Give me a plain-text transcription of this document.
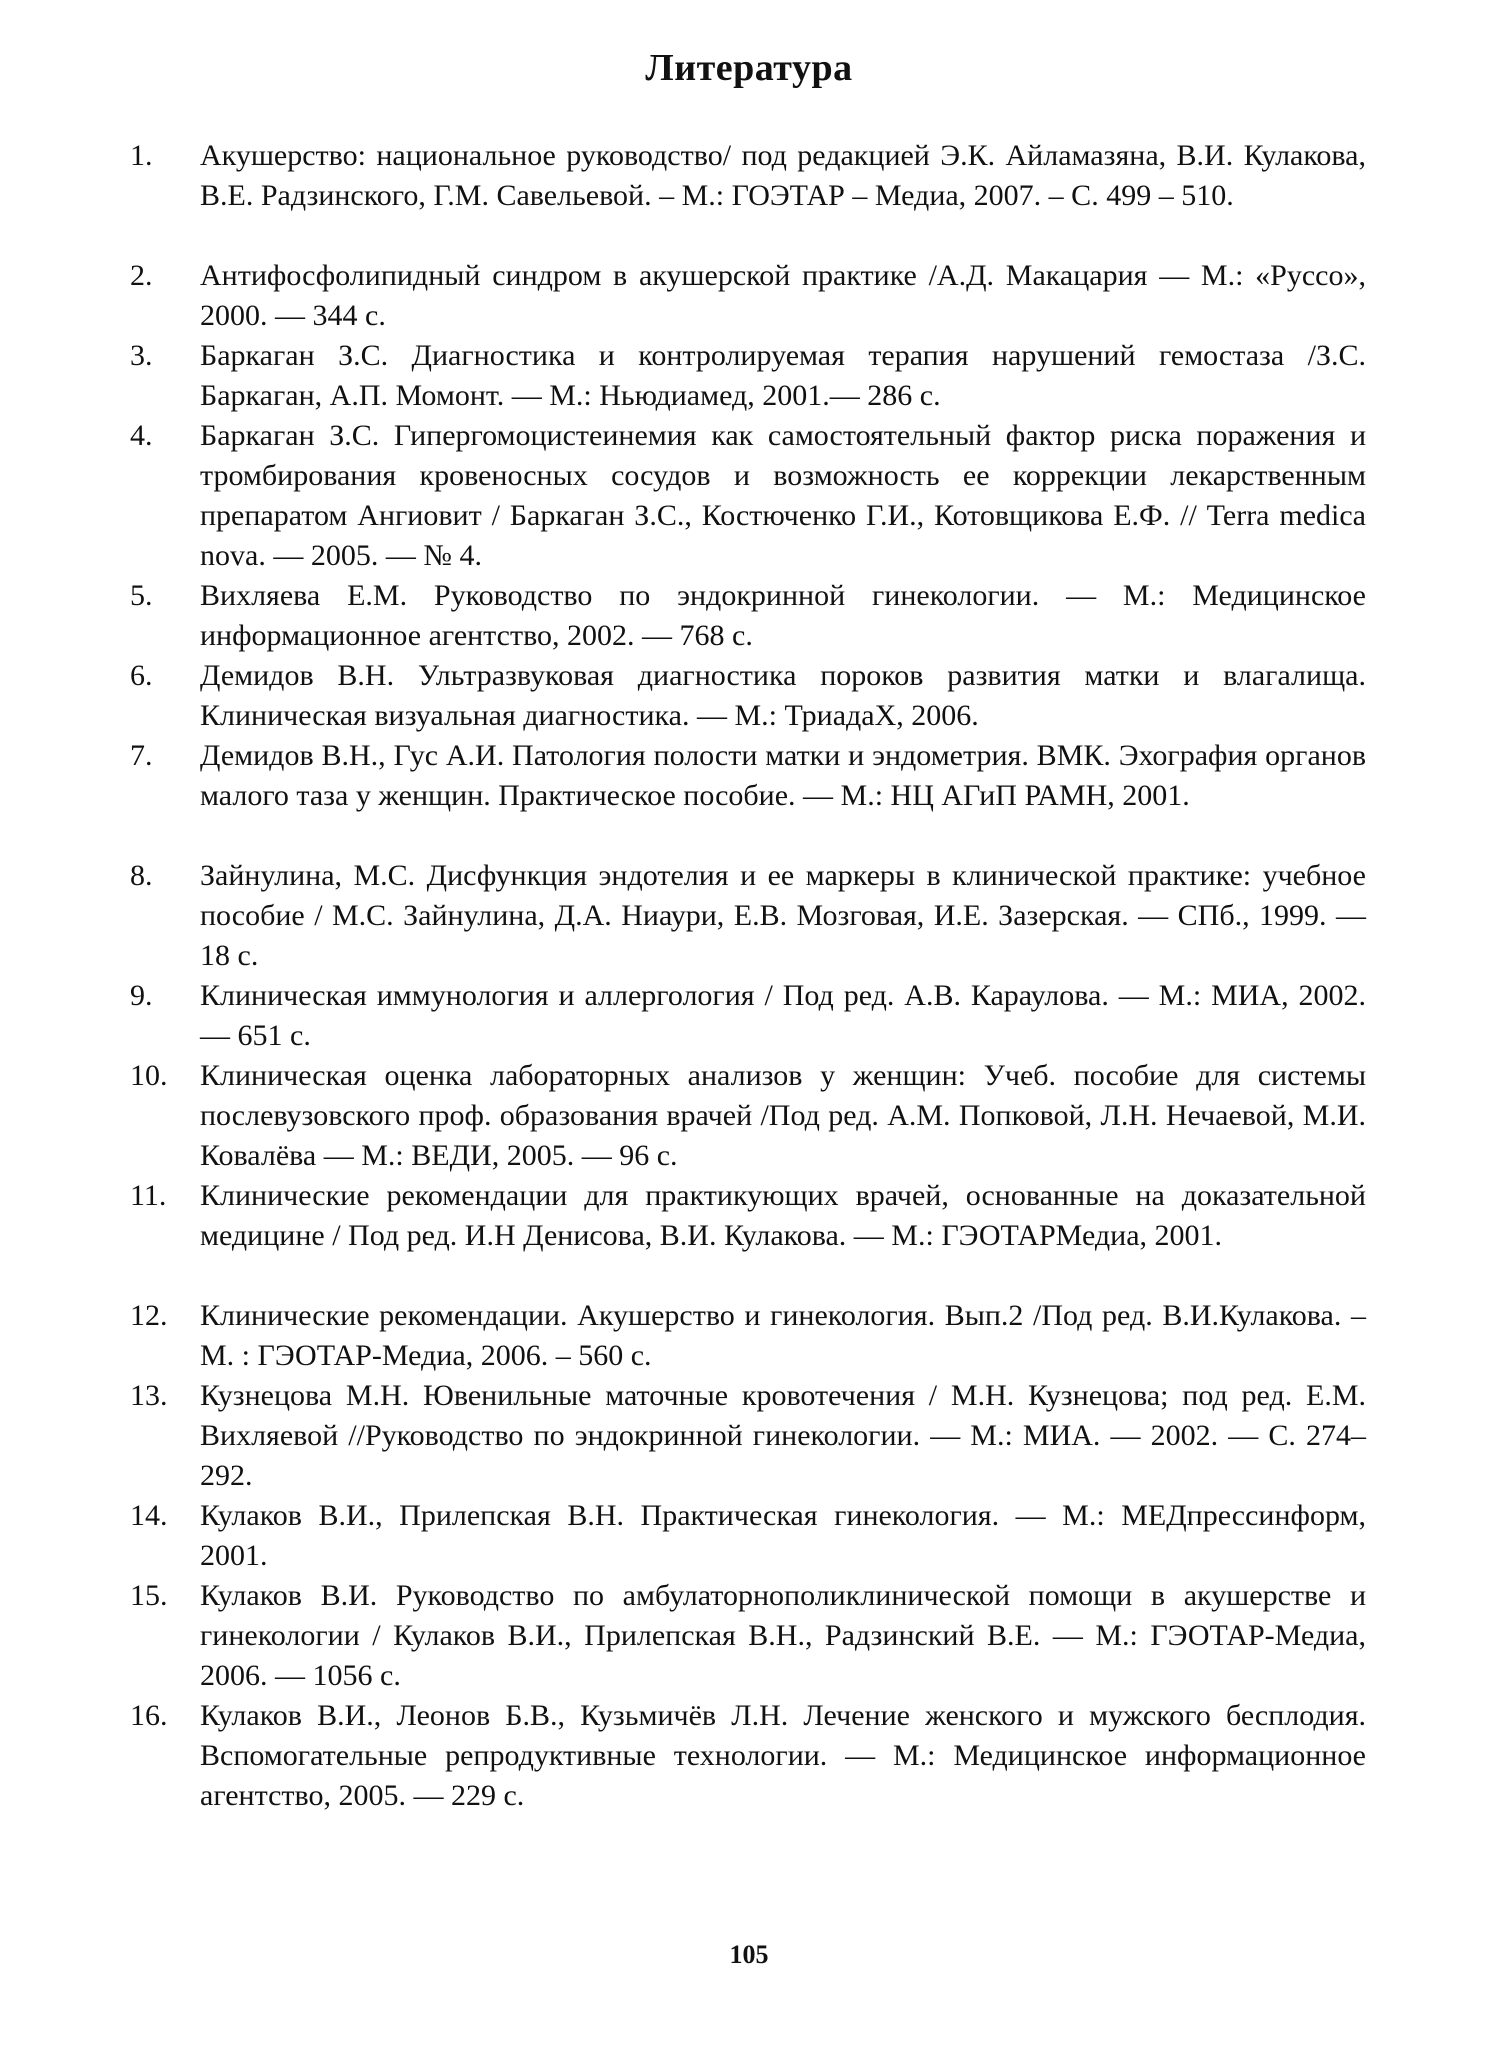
Литература
1.	Акушерство: национальное руководство/ под редакцией Э.К. Айламазяна, В.И. Кулакова, В.Е. Радзинского, Г.М. Савельевой. – М.: ГОЭТАР – Медиа, 2007. – С. 499 – 510.
2.	Антифосфолипидный синдром в акушерской практике /А.Д. Макацария — М.: «Руссо», 2000. — 344 с.
3.	Баркаган З.С. Диагностика и контролируемая терапия нарушений гемостаза /З.С. Баркаган, А.П. Момонт. — М.: Ньюдиамед, 2001.— 286 с.
4.	Баркаган З.С. Гипергомоцистеинемия как самостоятельный фактор риска поражения и тромбирования кровеносных сосудов и возможность ее коррекции лекарственным препаратом Ангиовит / Баркаган З.С., Костюченко Г.И., Котовщикова Е.Ф. // Terra medica nova. — 2005. — № 4.
5.	Вихляева Е.М. Руководство по эндокринной гинекологии. — М.: Медицинское информационное агентство, 2002. — 768 с.
6.	Демидов В.Н. Ультразвуковая диагностика пороков развития матки и влагалища. Клиническая визуальная диагностика. — М.: ТриадаХ, 2006.
7.	Демидов В.Н., Гус А.И. Патология полости матки и эндометрия. ВМК. Эхография органов малого таза у женщин. Практическое пособие. — М.: НЦ АГиП РАМН, 2001.
8.	Зайнулина, М.С. Дисфункция эндотелия и ее маркеры в клинической практике: учебное пособие / М.С. Зайнулина, Д.А. Ниаури, Е.В. Мозговая, И.Е. Зазерская. — СПб., 1999. — 18 с.
9.	Клиническая иммунология и аллергология / Под ред. А.В. Караулова. — М.: МИА, 2002. — 651 с.
10.	Клиническая оценка лабораторных анализов у женщин: Учеб. пособие для системы послевузовского проф. образования врачей /Под ред. А.М. Попковой, Л.Н. Нечаевой, М.И. Ковалёва — М.: ВЕДИ, 2005. — 96 с.
11.	Клинические рекомендации для практикующих врачей, основанные на доказательной медицине / Под ред. И.Н Денисова, В.И. Кулакова. — М.: ГЭОТАРМедиа, 2001.
12.	Клинические рекомендации. Акушерство и гинекология. Вып.2 /Под ред. В.И.Кулакова. – М. : ГЭОТАР-Медиа, 2006. – 560 с.
13.	Кузнецова М.Н. Ювенильные маточные кровотечения / М.Н. Кузнецова; под ред. Е.М. Вихляевой //Руководство по эндокринной гинекологии. — М.: МИА. — 2002. — С. 274–292.
14.	Кулаков В.И., Прилепская В.Н. Практическая гинекология. — М.: МЕДпрессинформ, 2001.
15.	Кулаков В.И. Руководство по амбулаторнополиклинической помощи в акушерстве и гинекологии / Кулаков В.И., Прилепская В.Н., Радзинский В.Е. — М.: ГЭОТАР-Медиа, 2006. — 1056 с.
16.	Кулаков В.И., Леонов Б.В., Кузьмичёв Л.Н. Лечение женского и мужского бесплодия. Вспомогательные репродуктивные технологии. — М.: Медицинское информационное агентство, 2005. — 229 с.
105
